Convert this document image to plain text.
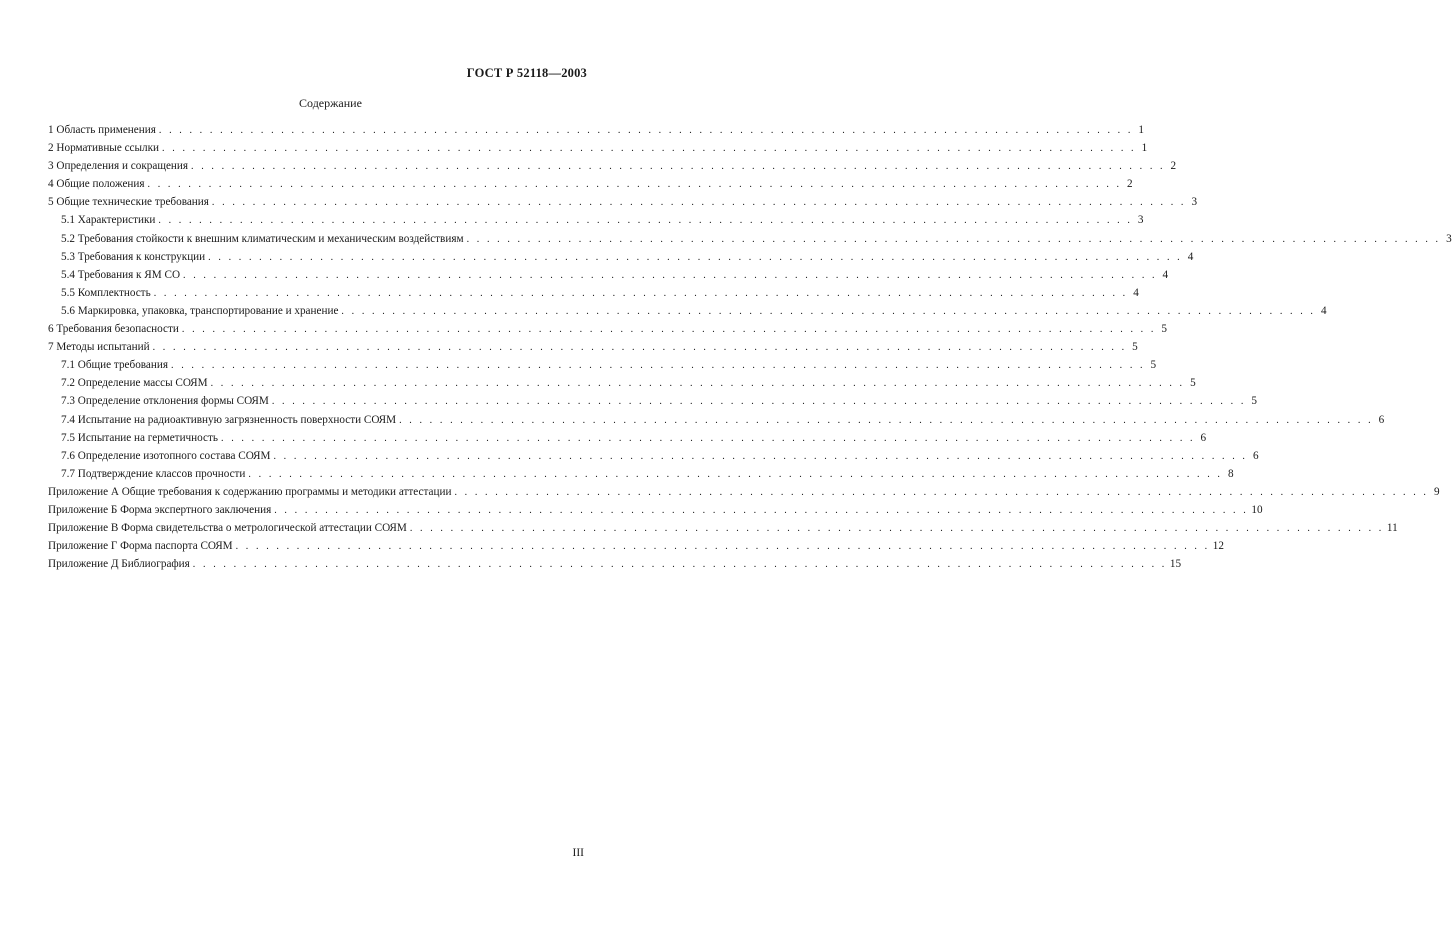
ГОСТ Р 52118—2003
Содержание
1 Область применения . . .	1
2 Нормативные ссылки . . .	1
3 Определения и сокращения . . .	2
4 Общие положения . . .	2
5 Общие технические требования . . .	3
5.1 Характеристики . . .	3
5.2 Требования стойкости к внешним климатическим и механическим воздействиям . . .	3
5.3 Требования к конструкции . . .	4
5.4 Требования к ЯМ СО . . .	4
5.5 Комплектность . . .	4
5.6 Маркировка, упаковка, транспортирование и хранение . . .	4
6 Требования безопасности . . .	5
7 Методы испытаний . . .	5
7.1 Общие требования . . .	5
7.2 Определение массы СОЯМ . . .	5
7.3 Определение отклонения формы СОЯМ . . .	5
7.4 Испытание на радиоактивную загрязненность поверхности СОЯМ . . .	6
7.5 Испытание на герметичность . . .	6
7.6 Определение изотопного состава СОЯМ . . .	6
7.7 Подтверждение классов прочности . . .	8
Приложение А Общие требования к содержанию программы и методики аттестации . . .	9
Приложение Б Форма экспертного заключения . . .	10
Приложение В Форма свидетельства о метрологической аттестации СОЯМ . . .	11
Приложение Г Форма паспорта СОЯМ . . .	12
Приложение Д Библиография . . .	15
III
